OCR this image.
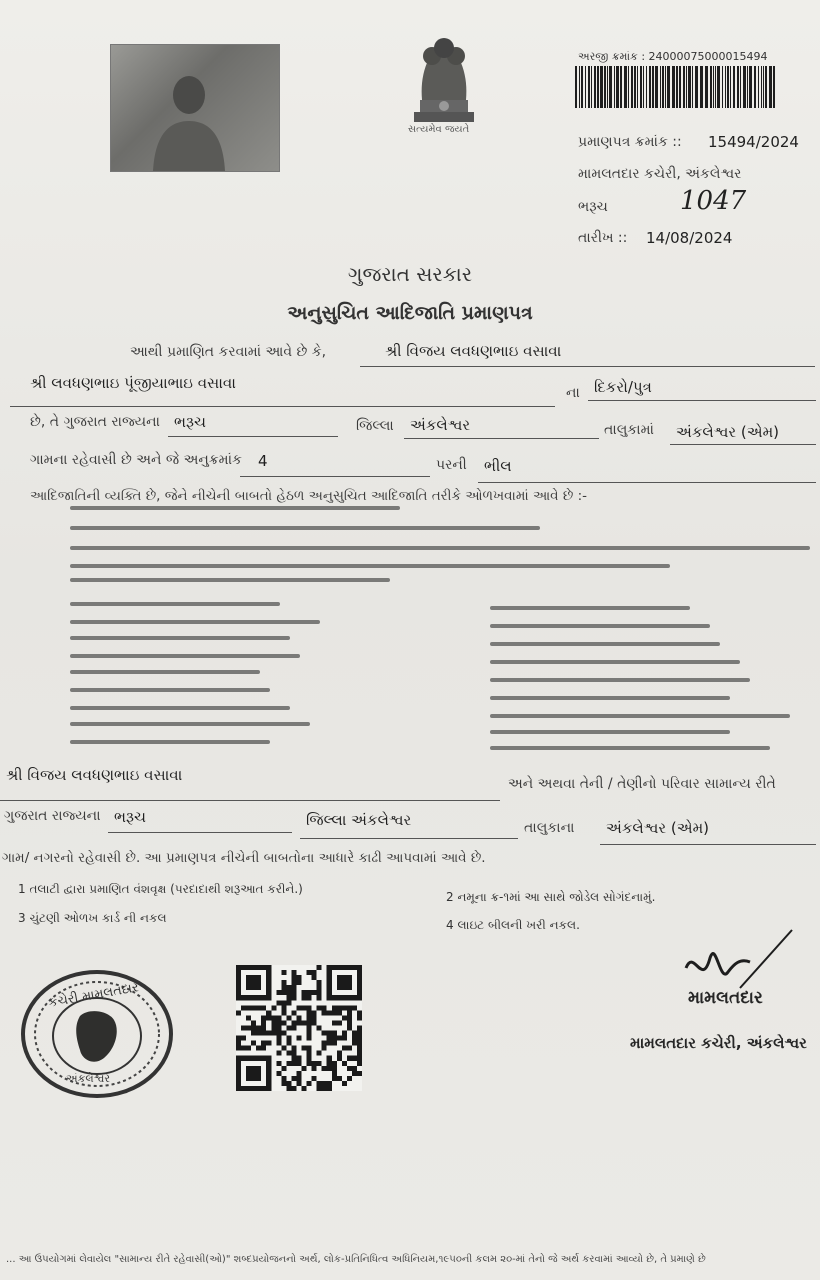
સત્યમેવ જયતે
અરજી ક્રમાંક : 24000075000015494
પ્રમાણપત્ર ક્રમાંક :: 15494/2024
મામલતદાર કચેરી, અંકલેશ્વર
ભરૂચ	1047
તારીખ :: 14/08/2024
ગુજરાત સરકાર
અનુસુચિત આદિજાતિ પ્રમાણપત્ર
આથી પ્રમાણિત કરવામાં આવે છે કે,	શ્રી વિજય લવધણભાઇ વસાવા
શ્રી લવધણભાઇ પૂંજીયાભાઇ વસાવા
ના દિકરો/પુત્ર
છે, તે ગુજરાત રાજ્યના ભરૂચ	જિલ્લા અંકલેશ્વર	તાલુકામાં અંકલેશ્વર (એમ)
ગામના રહેવાસી છે અને જે અનુક્રમાંક 4	પરની ભીલ
આદિજાતિની વ્યક્તિ છે, જેને નીચેની બાબતો હેઠળ અનુસુચિત આદિજાતિ તરીકે ઓળખવામાં આવે છે :-
શ્રી વિજય લવધણભાઇ વસાવા	અને અથવા તેની / તેણીનો પરિવાર સામાન્ય રીતે
ગુજરાત રાજ્યના ભરૂચ	જિલ્લા અંકલેશ્વર	તાલુકાના અંકલેશ્વર (એમ)
ગામ/ નગરનો રહેવાસી છે. આ પ્રમાણપત્ર નીચેની બાબતોના આધારે કાઢી આપવામાં આવે છે.
1 તલાટી દ્વારા પ્રમાણિત વંશવૃક્ષ (પરદાદાથી શરૂઆત કરીને.)
2 નમૂના ક્ર-૧માં આ સાથે જોડેલ સોગંદનામું.
3 ચુંટણી ઓળખ કાર્ડ ની નકલ	4 લાઇટ બીલની ખરી નકલ.
કચેરી મામલતદાર
અંકલેશ્વર
મામલતદાર
મામલતદાર કચેરી, અંકલેશ્વર
... આ ઉપયોગમાં લેવાયેલ "સામાન્ય રીતે રહેવાસી(ઓ)" શબ્દપ્રયોજનનો અર્થ, લોક-પ્રતિનિધિત્વ અધિનિયમ,૧૯૫૦ની કલમ ૨૦-માં તેનો જે અર્થ કરવામાં આવ્યો છે, તે પ્રમાણે છે
